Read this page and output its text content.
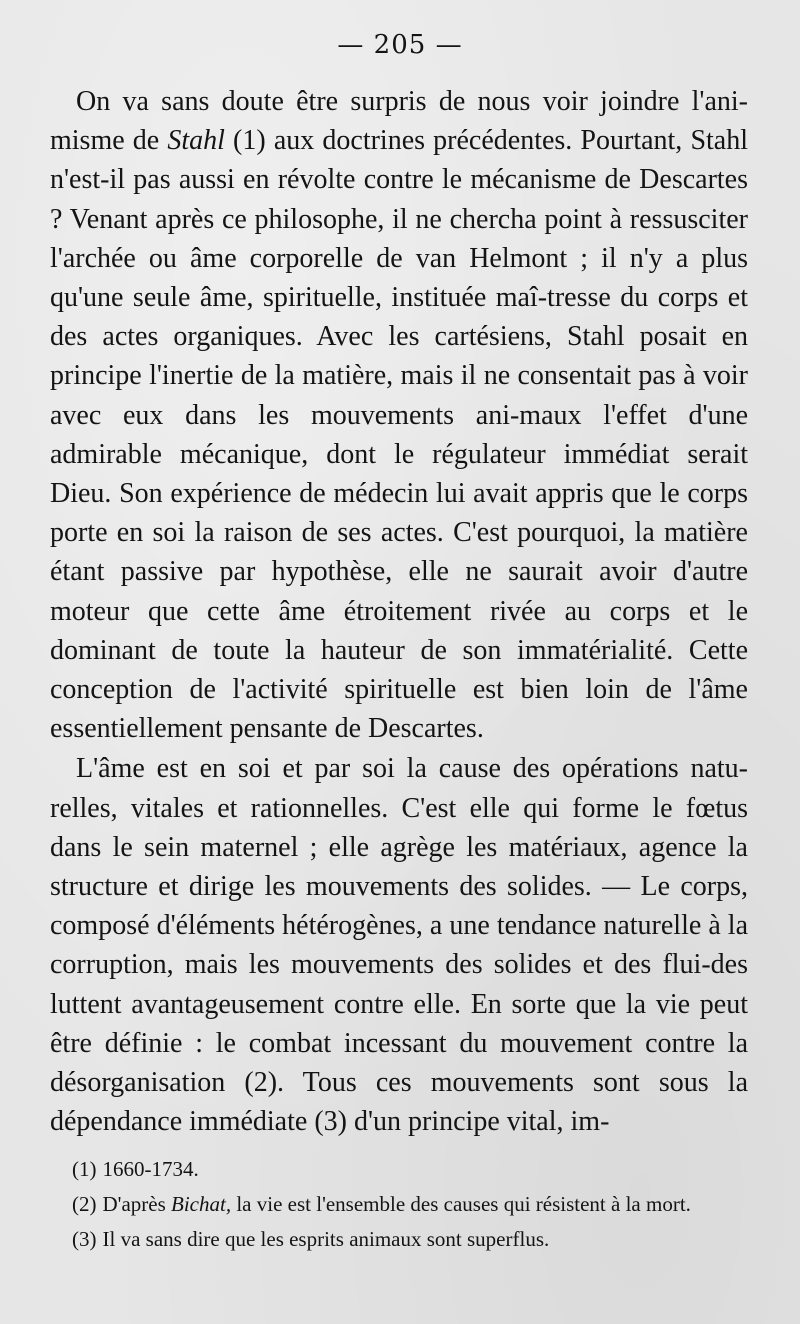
— 205 —

On va sans doute être surpris de nous voir joindre l'ani-misme de Stahl (1) aux doctrines précédentes. Pourtant, Stahl n'est-il pas aussi en révolte contre le mécanisme de Descartes ? Venant après ce philosophe, il ne chercha point à ressusciter l'archée ou âme corporelle de van Helmont ; il n'y a plus qu'une seule âme, spirituelle, instituée maî-tresse du corps et des actes organiques. Avec les cartésiens, Stahl posait en principe l'inertie de la matière, mais il ne consentait pas à voir avec eux dans les mouvements ani-maux l'effet d'une admirable mécanique, dont le régulateur immédiat serait Dieu. Son expérience de médecin lui avait appris que le corps porte en soi la raison de ses actes. C'est pourquoi, la matière étant passive par hypothèse, elle ne saurait avoir d'autre moteur que cette âme étroitement rivée au corps et le dominant de toute la hauteur de son immatérialité. Cette conception de l'activité spirituelle est bien loin de l'âme essentiellement pensante de Descartes.

L'âme est en soi et par soi la cause des opérations natu-relles, vitales et rationnelles. C'est elle qui forme le fœtus dans le sein maternel ; elle agrège les matériaux, agence la structure et dirige les mouvements des solides. — Le corps, composé d'éléments hétérogènes, a une tendance naturelle à la corruption, mais les mouvements des solides et des flui-des luttent avantageusement contre elle. En sorte que la vie peut être définie : le combat incessant du mouvement contre la désorganisation (2). Tous ces mouvements sont sous la dépendance immédiate (3) d'un principe vital, im-

(1) 1660-1734.

(2) D'après Bichat, la vie est l'ensemble des causes qui résistent à la mort.

(3) Il va sans dire que les esprits animaux sont superflus.
